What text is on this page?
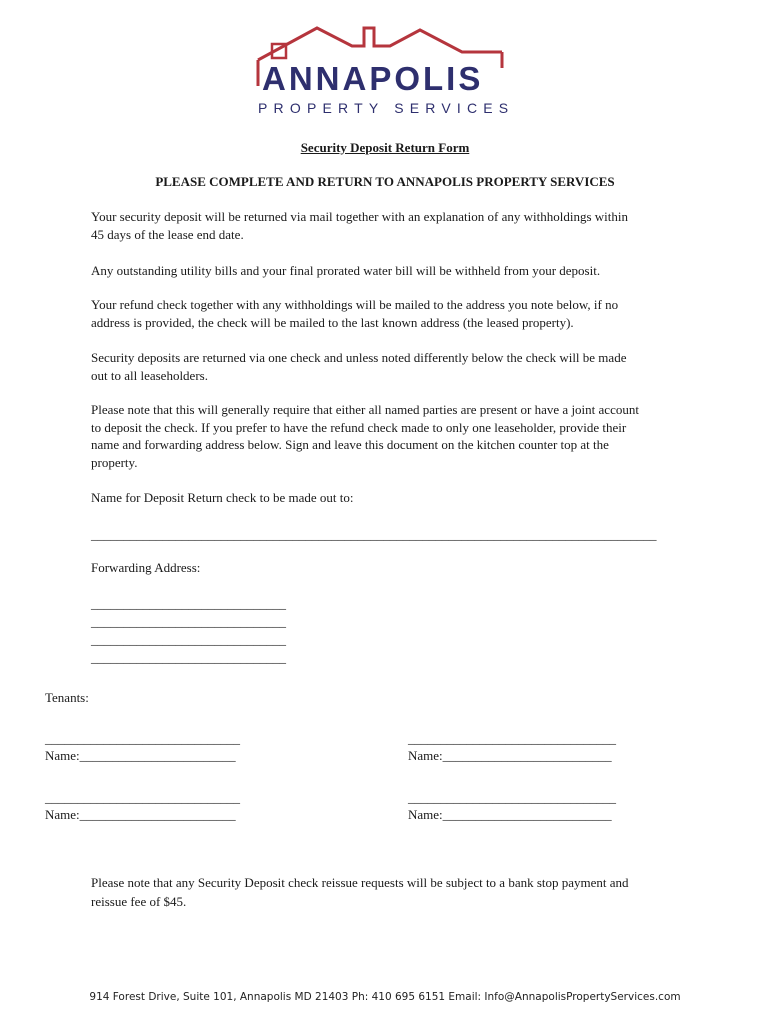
ANNAPOLIS
PROPERTY SERVICES
Security Deposit Return Form
PLEASE COMPLETE AND RETURN TO ANNAPOLIS PROPERTY SERVICES
Your security deposit will be returned via mail together with an explanation of any withholdings within
45 days of the lease end date.
Any outstanding utility bills and your final prorated water bill will be withheld from your deposit.
Your refund check together with any withholdings will be mailed to the address you note below, if no
address is provided, the check will be mailed to the last known address (the leased property).
Security deposits are returned via one check and unless noted differently below the check will be made
out to all leaseholders.
Please note that this will generally require that either all named parties are present or have a joint account
to deposit the check. If you prefer to have the refund check made to only one leaseholder, provide their
name and forwarding address below. Sign and leave this document on the kitchen counter top at the
property.
Name for Deposit Return check to be made out to:
_______________________________________________________________________________________
Forwarding Address:
______________________________
______________________________
______________________________
______________________________
Tenants:
______________________________
Name:________________________
________________________________
Name:__________________________
______________________________
Name:________________________
________________________________
Name:__________________________
Please note that any Security Deposit check reissue requests will be subject to a bank stop payment and
reissue fee of $45.
914 Forest Drive, Suite 101, Annapolis MD 21403 Ph: 410 695 6151 Email: Info@AnnapolisPropertyServices.com
